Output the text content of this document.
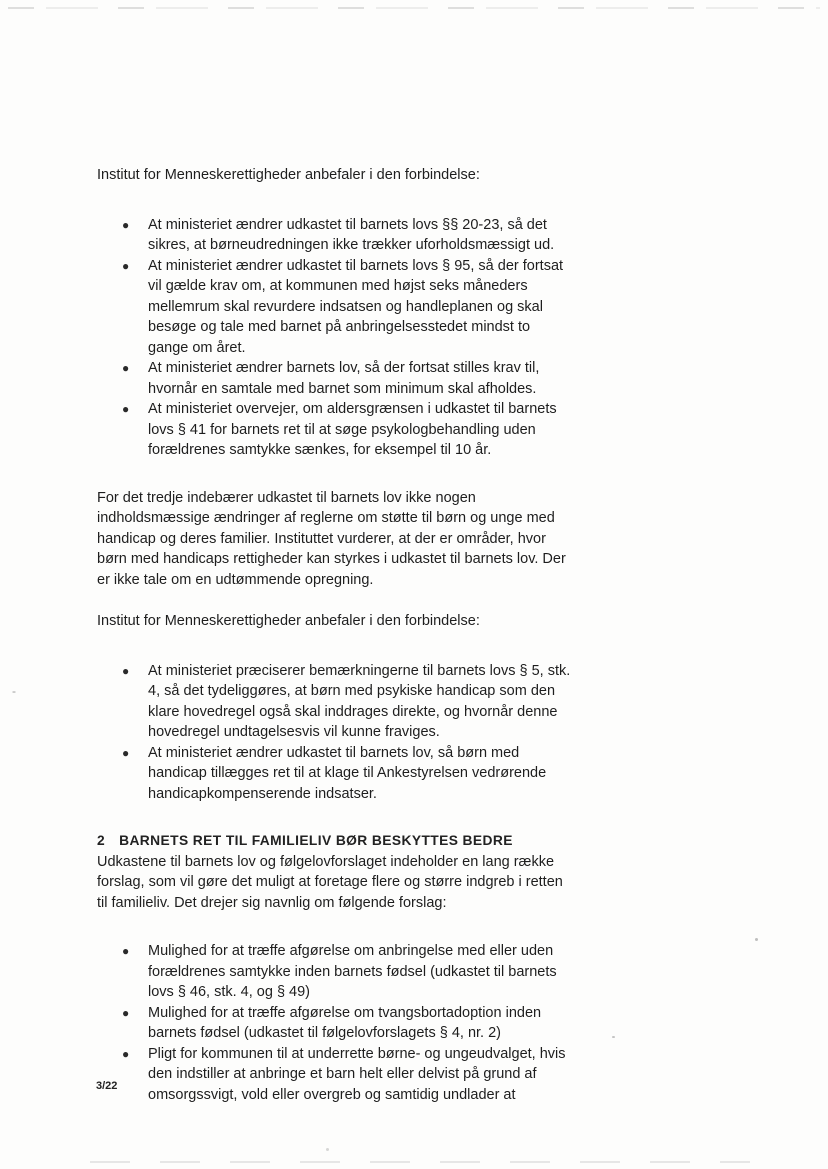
-

Institut for Menneskerettigheder anbefaler i den forbindelse:

●	At ministeriet ændrer udkastet til barnets lovs §§ 20-23, så det sikres, at børneudredningen ikke trækker uforholdsmæssigt ud.
●	At ministeriet ændrer udkastet til barnets lovs § 95, så der fortsat vil gælde krav om, at kommunen med højst seks måneders mellemrum skal revurdere indsatsen og handleplanen og skal besøge og tale med barnet på anbringelsesstedet mindst to gange om året.
●	At ministeriet ændrer barnets lov, så der fortsat stilles krav til, hvornår en samtale med barnet som minimum skal afholdes.
●	At ministeriet overvejer, om aldersgrænsen i udkastet til barnets lovs § 41 for barnets ret til at søge psykologbehandling uden forældrenes samtykke sænkes, for eksempel til 10 år.

For det tredje indebærer udkastet til barnets lov ikke nogen indholdsmæssige ændringer af reglerne om støtte til børn og unge med handicap og deres familier. Instituttet vurderer, at der er områder, hvor børn med handicaps rettigheder kan styrkes i udkastet til barnets lov. Der er ikke tale om en udtømmende opregning.

Institut for Menneskerettigheder anbefaler i den forbindelse:

●	At ministeriet præciserer bemærkningerne til barnets lovs § 5, stk. 4, så det tydeliggøres, at børn med psykiske handicap som den klare hovedregel også skal inddrages direkte, og hvornår denne hovedregel undtagelsesvis vil kunne fraviges.
●	At ministeriet ændrer udkastet til barnets lov, så børn med handicap tillægges ret til at klage til Ankestyrelsen vedrørende handicapkompenserende indsatser.
2 BARNETS RET TIL FAMILIELIV BØR BESKYTTES BEDRE

Udkastene til barnets lov og følgelovforslaget indeholder en lang række forslag, som vil gøre det muligt at foretage flere og større indgreb i retten til familieliv. Det drejer sig navnlig om følgende forslag:

●	Mulighed for at træffe afgørelse om anbringelse med eller uden forældrenes samtykke inden barnets fødsel (udkastet til barnets lovs § 46, stk. 4, og § 49)
●	Mulighed for at træffe afgørelse om tvangsbortadoption inden barnets fødsel (udkastet til følgelovforslagets § 4, nr. 2)
●	Pligt for kommunen til at underrette børne- og ungeudvalget, hvis den indstiller at anbringe et barn helt eller delvist på grund af omsorgssvigt, vold eller overgreb og samtidig undlader at
3/22
